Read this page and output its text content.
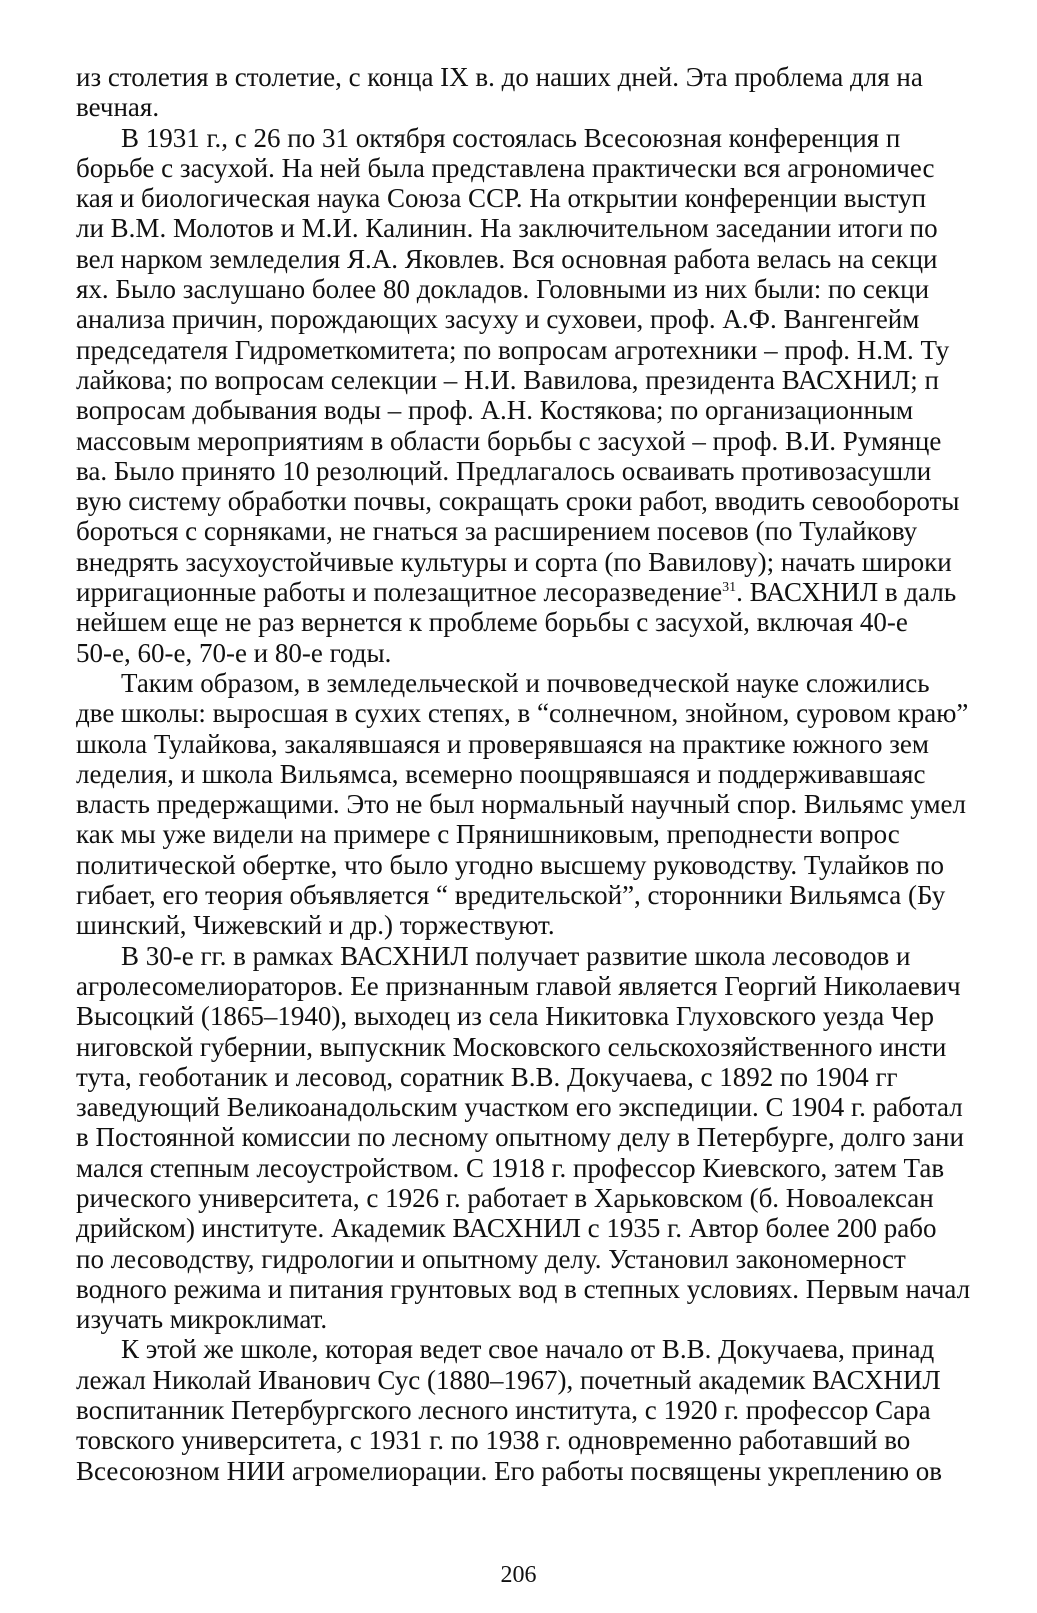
из столетия в столетие, с конца IX в. до наших дней. Эта проблема для на
вечная.
В 1931 г., с 26 по 31 октября состоялась Всесоюзная конференция п
борьбе с засухой. На ней была представлена практически вся агрономичес
кая и биологическая наука Союза ССР. На открытии конференции выступ
ли В.М. Молотов и М.И. Калинин. На заключительном заседании итоги по
вел нарком земледелия Я.А. Яковлев. Вся основная работа велась на секци
ях. Было заслушано более 80 докладов. Головными из них были: по секци
анализа причин, порождающих засуху и суховеи, проф. А.Ф. Вангенгейм
председателя Гидрометкомитета; по вопросам агротехники – проф. Н.М. Ту
лайкова; по вопросам селекции – Н.И. Вавилова, президента ВАСХНИЛ; п
вопросам добывания воды – проф. А.Н. Костякова; по организационным
массовым мероприятиям в области борьбы с засухой – проф. В.И. Румянце
ва. Было принято 10 резолюций. Предлагалось осваивать противозасушли
вую систему обработки почвы, сокращать сроки работ, вводить севообороты
бороться с сорняками, не гнаться за расширением посевов (по Тулайкову
внедрять засухоустойчивые культуры и сорта (по Вавилову); начать широки
ирригационные работы и полезащитное лесоразведение$^{31}$. ВАСХНИЛ в даль
нейшем еще не раз вернется к проблеме борьбы с засухой, включая 40-е
50-е, 60-е, 70-е и 80-е годы.
Таким образом, в земледельческой и почвоведческой науке сложились
две школы: выросшая в сухих степях, в “солнечном, знойном, суровом краю”
школа Тулайкова, закалявшаяся и проверявшаяся на практике южного зем
леделия, и школа Вильямса, всемерно поощрявшаяся и поддерживавшаяс
власть предержащими. Это не был нормальный научный спор. Вильямс умел
как мы уже видели на примере с Прянишниковым, преподнести вопрос
политической обертке, что было угодно высшему руководству. Тулайков по
гибает, его теория объявляется “ вредительской”, сторонники Вильямса (Бу
шинский, Чижевский и др.) торжествуют.
В 30-е гг. в рамках ВАСХНИЛ получает развитие школа лесоводов и
агролесомелиораторов. Ее признанным главой является Георгий Николаевич
Высоцкий (1865–1940), выходец из села Никитовка Глуховского уезда Чер
ниговской губернии, выпускник Московского сельскохозяйственного инсти
тута, геоботаник и лесовод, соратник В.В. Докучаева, с 1892 по 1904 гг
заведующий Великоанадольским участком его экспедиции. С 1904 г. работал
в Постоянной комиссии по лесному опытному делу в Петербурге, долго зани
мался степным лесоустройством. С 1918 г. профессор Киевского, затем Тав
рического университета, с 1926 г. работает в Харьковском (б. Новоалексан
дрийском) институте. Академик ВАСХНИЛ с 1935 г. Автор более 200 рабо
по лесоводству, гидрологии и опытному делу. Установил закономерност
водного режима и питания грунтовых вод в степных условиях. Первым начал
изучать микроклимат.
К этой же школе, которая ведет свое начало от В.В. Докучаева, принад
лежал Николай Иванович Сус (1880–1967), почетный академик ВАСХНИЛ
воспитанник Петербургского лесного института, с 1920 г. профессор Сара
товского университета, с 1931 г. по 1938 г. одновременно работавший во
Всесоюзном НИИ агромелиорации. Его работы посвящены укреплению ов
206
